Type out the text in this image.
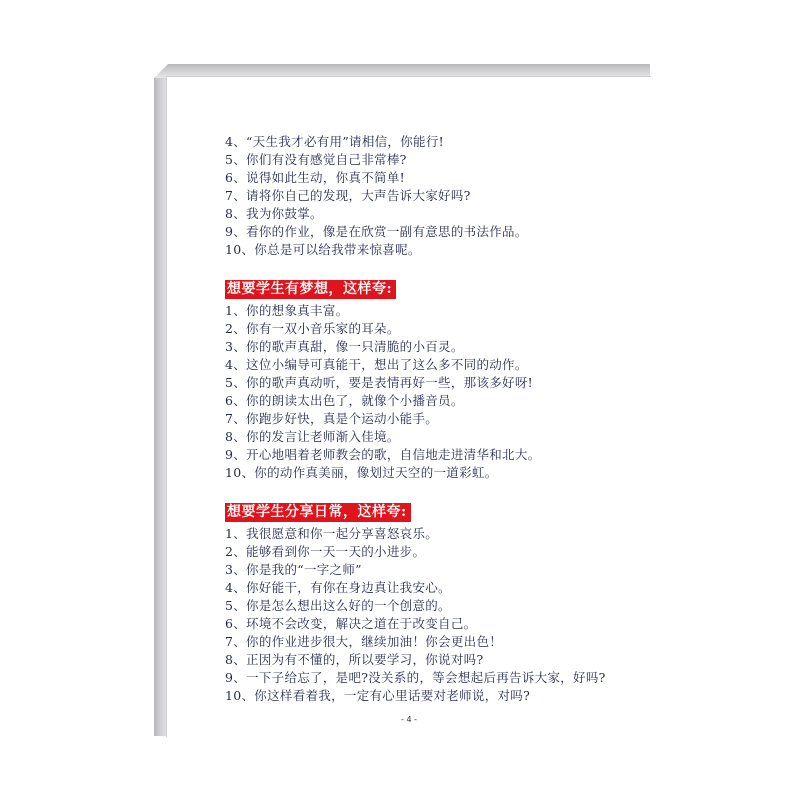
4、“天生我才必有用”请相信，你能行!
5、你们有没有感觉自己非常棒?
6、说得如此生动，你真不简单!
7、请将你自己的发现，大声告诉大家好吗?
8、我为你鼓掌。
9、看你的作业，像是在欣赏一副有意思的书法作品。
10、你总是可以给我带来惊喜呢。
想要学生有梦想，这样夸:
1、你的想象真丰富。
2、你有一双小音乐家的耳朵。
3、你的歌声真甜，像一只清脆的小百灵。
4、这位小编导可真能干，想出了这么多不同的动作。
5、你的歌声真动听，要是表情再好一些，那该多好呀!
6、你的朗读太出色了，就像个小播音员。
7、你跑步好快，真是个运动小能手。
8、你的发言让老师渐入佳境。
9、开心地唱着老师教会的歌，自信地走进清华和北大。
10、你的动作真美丽，像划过天空的一道彩虹。
想要学生分享日常，这样夸:
1、我很愿意和你一起分享喜怒哀乐。
2、能够看到你一天一天的小进步。
3、你是我的“一字之师”
4、你好能干，有你在身边真让我安心。
5、你是怎么想出这么好的一个创意的。
6、环境不会改变，解决之道在于改变自己。
7、你的作业进步很大，继续加油！你会更出色！
8、正因为有不懂的，所以要学习，你说对吗?
9、一下子给忘了，是吧?没关系的，等会想起后再告诉大家，好吗?
10、你这样看着我，一定有心里话要对老师说，对吗?
- 4 -
